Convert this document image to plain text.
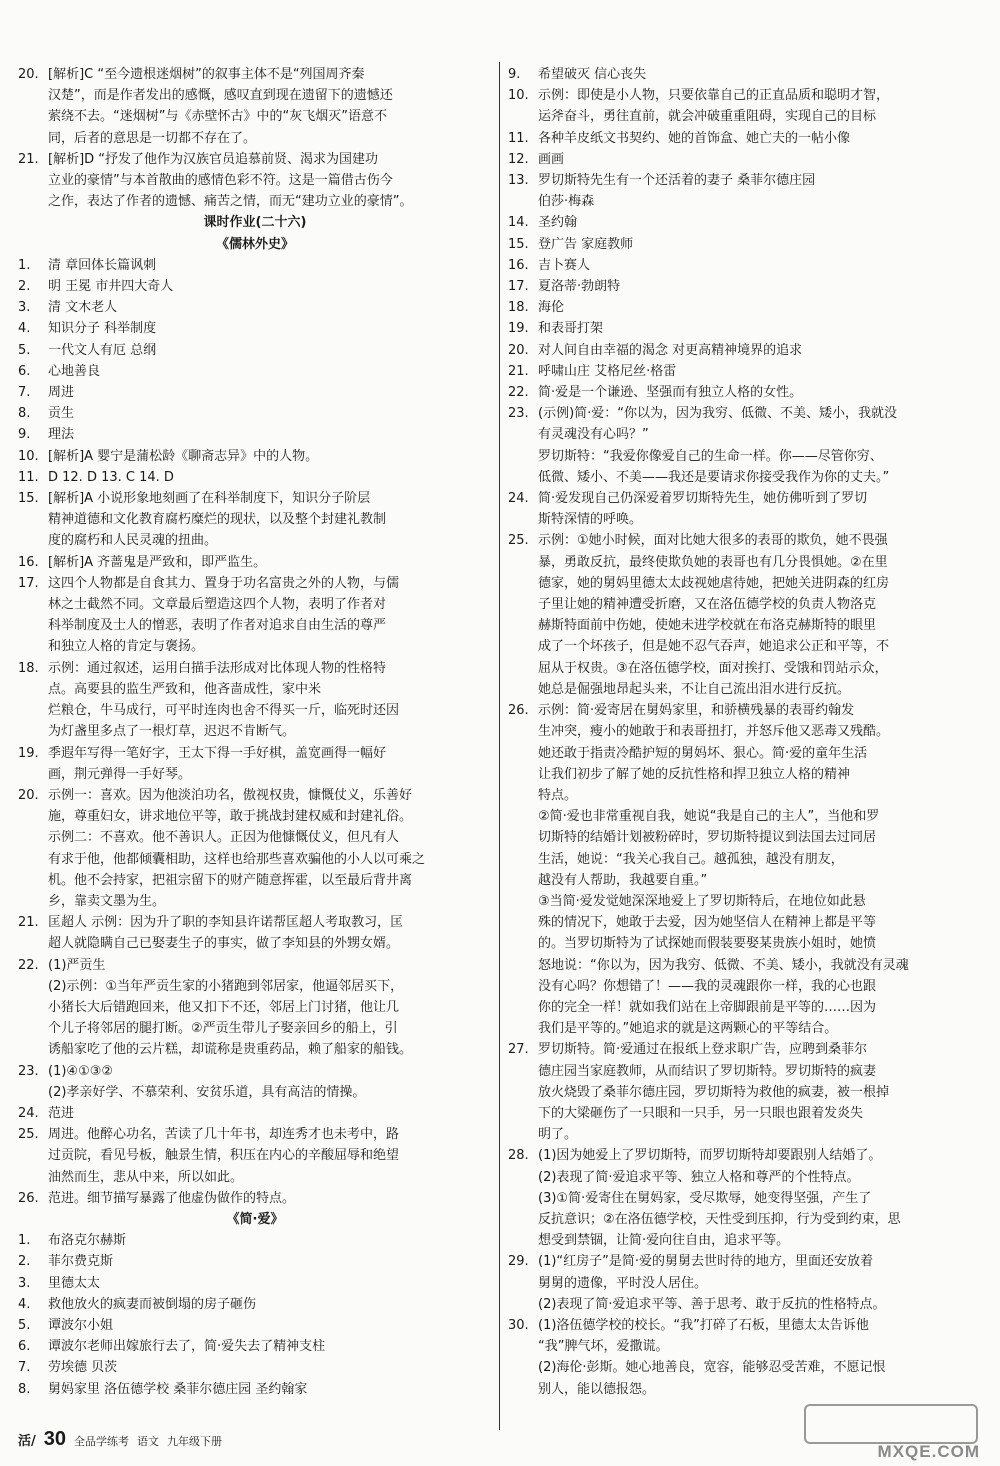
20. [解析]C “至今遗根迷烟树”的叙事主体不是“列国周齐秦
汉楚”，而是作者发出的感慨，感叹直到现在遗留下的遗憾还
萦绕不去。“迷烟树”与《赤壁怀古》中的“灰飞烟灭”语意不
同，后者的意思是一切都不存在了。
21. [解析]D “抒发了他作为汉族官员追慕前贤、渴求为国建功
立业的豪情”与本首散曲的感情色彩不符。这是一篇借古伤今
之作，表达了作者的遗憾、痛苦之情，而无“建功立业的豪情”。
课时作业(二十六)
《儒林外史》
1.	清 章回体长篇讽刺
2.	明 王冕 市井四大奇人
3.	清 文木老人
4.	知识分子 科举制度
5.	一代文人有厄 总纲
6.	心地善良
7.	周进
8.	贡生
9.	理法
10. [解析]A 婴宁是蒲松龄《聊斋志异》中的人物。
11. D 12. D 13. C 14. D
15. [解析]A 小说形象地刻画了在科举制度下，知识分子阶层
精神道德和文化教育腐朽糜烂的现状，以及整个封建礼教制
度的腐朽和人民灵魂的扭曲。
16. [解析]A 齐蔷鬼是严致和，即严监生。
17. 这四个人物都是自食其力、置身于功名富贵之外的人物，与儒
林之士截然不同。文章最后塑造这四个人物，表明了作者对
科举制度及士人的憎恶，表明了作者对追求自由生活的尊严
和独立人格的肯定与褒扬。
18. 示例：通过叙述，运用白描手法形成对比体现人物的性格特
点。高要县的监生严致和，他吝啬成性，家中米
烂粮仓，牛马成行，可平时连肉也舍不得买一斤，临死时还因
为灯盏里多点了一根灯草，迟迟不肯断气。
19. 季遐年写得一笔好字，王太下得一手好棋，盖宽画得一幅好
画，荆元弹得一手好琴。
20. 示例一：喜欢。因为他淡泊功名，傲视权贵，慷慨仗义，乐善好
施，尊重妇女，讲求地位平等，敢于挑战封建权威和封建礼俗。
示例二：不喜欢。他不善识人。正因为他慷慨仗义，但凡有人
有求于他，他都倾囊相助，这样也给那些喜欢骗他的小人以可乘之
机。他不会持家，把祖宗留下的财产随意挥霍，以至最后背井离
乡，靠卖文墨为生。
21. 匡超人 示例：因为升了职的李知县许诺帮匡超人考取教习，匡
超人就隐瞒自己已娶妻生子的事实，做了李知县的外甥女婿。
22. (1)严贡生
(2)示例：①当年严贡生家的小猪跑到邻居家，他逼邻居买下，
小猪长大后错跑回来，他又扣下不还，邻居上门讨猪，他让几
个儿子将邻居的腿打断。②严贡生带儿子娶亲回乡的船上，引
诱船家吃了他的云片糕，却谎称是贵重药品，赖了船家的船钱。
23. (1)④①③②
(2)孝亲好学、不慕荣利、安贫乐道，具有高洁的情操。
24. 范进
25. 周进。他醉心功名，苦读了几十年书，却连秀才也未考中，路
过贡院，看见号板，触景生情，积压在内心的辛酸屈辱和绝望
油然而生，悲从中来，所以如此。
26. 范进。细节描写暴露了他虚伪做作的特点。
《简·爱》
1.	布洛克尔赫斯
2.	菲尔费克斯
3.	里德太太
4.	救他放火的疯妻而被倒塌的房子砸伤
5.	谭波尔小姐
6.	谭波尔老师出嫁旅行去了，简·爱失去了精神支柱
7.	劳埃德 贝茨
8.	舅妈家里 洛伍德学校 桑菲尔德庄园 圣约翰家
9.	希望破灭 信心丧失
10. 示例：即使是小人物，只要依靠自己的正直品质和聪明才智，
运斧奋斗，勇往直前，就会冲破重重阻碍，实现自己的目标
11. 各种羊皮纸文书契约、她的首饰盒、她亡夫的一帖小像
12. 画画
13. 罗切斯特先生有一个还活着的妻子 桑菲尔德庄园
伯莎·梅森
14. 圣约翰
15. 登广告 家庭教师
16. 吉卜赛人
17. 夏洛蒂·勃朗特
18. 海伦
19. 和表哥打架
20. 对人间自由幸福的渴念 对更高精神境界的追求
21. 呼啸山庄 艾格尼丝·格雷
22. 简·爱是一个谦逊、坚强而有独立人格的女性。
23. (示例)简·爱：“你以为，因为我穷、低微、不美、矮小，我就没
有灵魂没有心吗？”
罗切斯特：“我爱你像爱自己的生命一样。你——尽管你穷、
低微、矮小、不美——我还是要请求你接受我作为你的丈夫。”
24. 简·爱发现自己仍深爱着罗切斯特先生，她仿佛听到了罗切
斯特深情的呼唤。
25. 示例：①她小时候，面对比她大很多的表哥的欺负，她不畏强
暴，勇敢反抗，最终使欺负她的表哥也有几分畏惧她。②在里
德家，她的舅妈里德太太歧视她虐待她，把她关进阴森的红房
子里让她的精神遭受折磨，又在洛伍德学校的负责人物洛克
赫斯特面前中伤她，使她未进学校就在布洛克赫斯特的眼里
成了一个坏孩子，但是她不忍气吞声，她追求公正和平等，不
屈从于权贵。③在洛伍德学校，面对挨打、受饿和罚站示众，
她总是倔强地昂起头来，不让自己流出泪水进行反抗。
26. 示例：简·爱寄居在舅妈家里，和骄横残暴的表哥约翰发
生冲突，瘦小的她敢于和表哥扭打，并怒斥他又恶毒又残酷。
她还敢于指责冷酷护短的舅妈坏、狠心。简·爱的童年生活
让我们初步了解了她的反抗性格和捍卫独立人格的精神
特点。
②简·爱也非常重视自我，她说“我是自己的主人”，当他和罗
切斯特的结婚计划被粉碎时，罗切斯特提议到法国去过同居
生活，她说：“我关心我自己。越孤独，越没有朋友，
越没有人帮助，我越要自重。”
③当简·爱发觉她深深地爱上了罗切斯特后，在地位如此悬
殊的情况下，她敢于去爱，因为她坚信人在精神上都是平等
的。当罗切斯特为了试探她而假装要娶某贵族小姐时，她愤
怒地说：“你以为，因为我穷、低微、不美、矮小，我就没有灵魂
没有心吗？你想错了！——我的灵魂跟你一样，我的心也跟
你的完全一样！就如我们站在上帝脚跟前是平等的……因为
我们是平等的。”她追求的就是这两颗心的平等结合。
27. 罗切斯特。简·爱通过在报纸上登求职广告，应聘到桑菲尔
德庄园当家庭教师，从而结识了罗切斯特。罗切斯特的疯妻
放火烧毁了桑菲尔德庄园，罗切斯特为救他的疯妻，被一根掉
下的大梁砸伤了一只眼和一只手，另一只眼也跟着发炎失
明了。
28. (1)因为她爱上了罗切斯特，而罗切斯特却要跟别人结婚了。
(2)表现了简·爱追求平等、独立人格和尊严的个性特点。
(3)①简·爱寄住在舅妈家，受尽欺辱，她变得坚强，产生了
反抗意识；②在洛伍德学校，天性受到压抑，行为受到约束，思
想受到禁锢，让简·爱向往自由，追求平等。
29. (1)“红房子”是简·爱的舅舅去世时待的地方，里面还安放着
舅舅的遗像，平时没人居住。
(2)表现了简·爱追求平等、善于思考、敢于反抗的性格特点。
30. (1)洛伍德学校的校长。“我”打碎了石板，里德太太告诉他
“我”脾气坏，爱撒谎。
(2)海伦·彭斯。她心地善良，宽容，能够忍受苦难，不愿记恨
别人，能以德报怨。
活/ 30 全品学练考 语文 九年级下册
MXQE.COM
